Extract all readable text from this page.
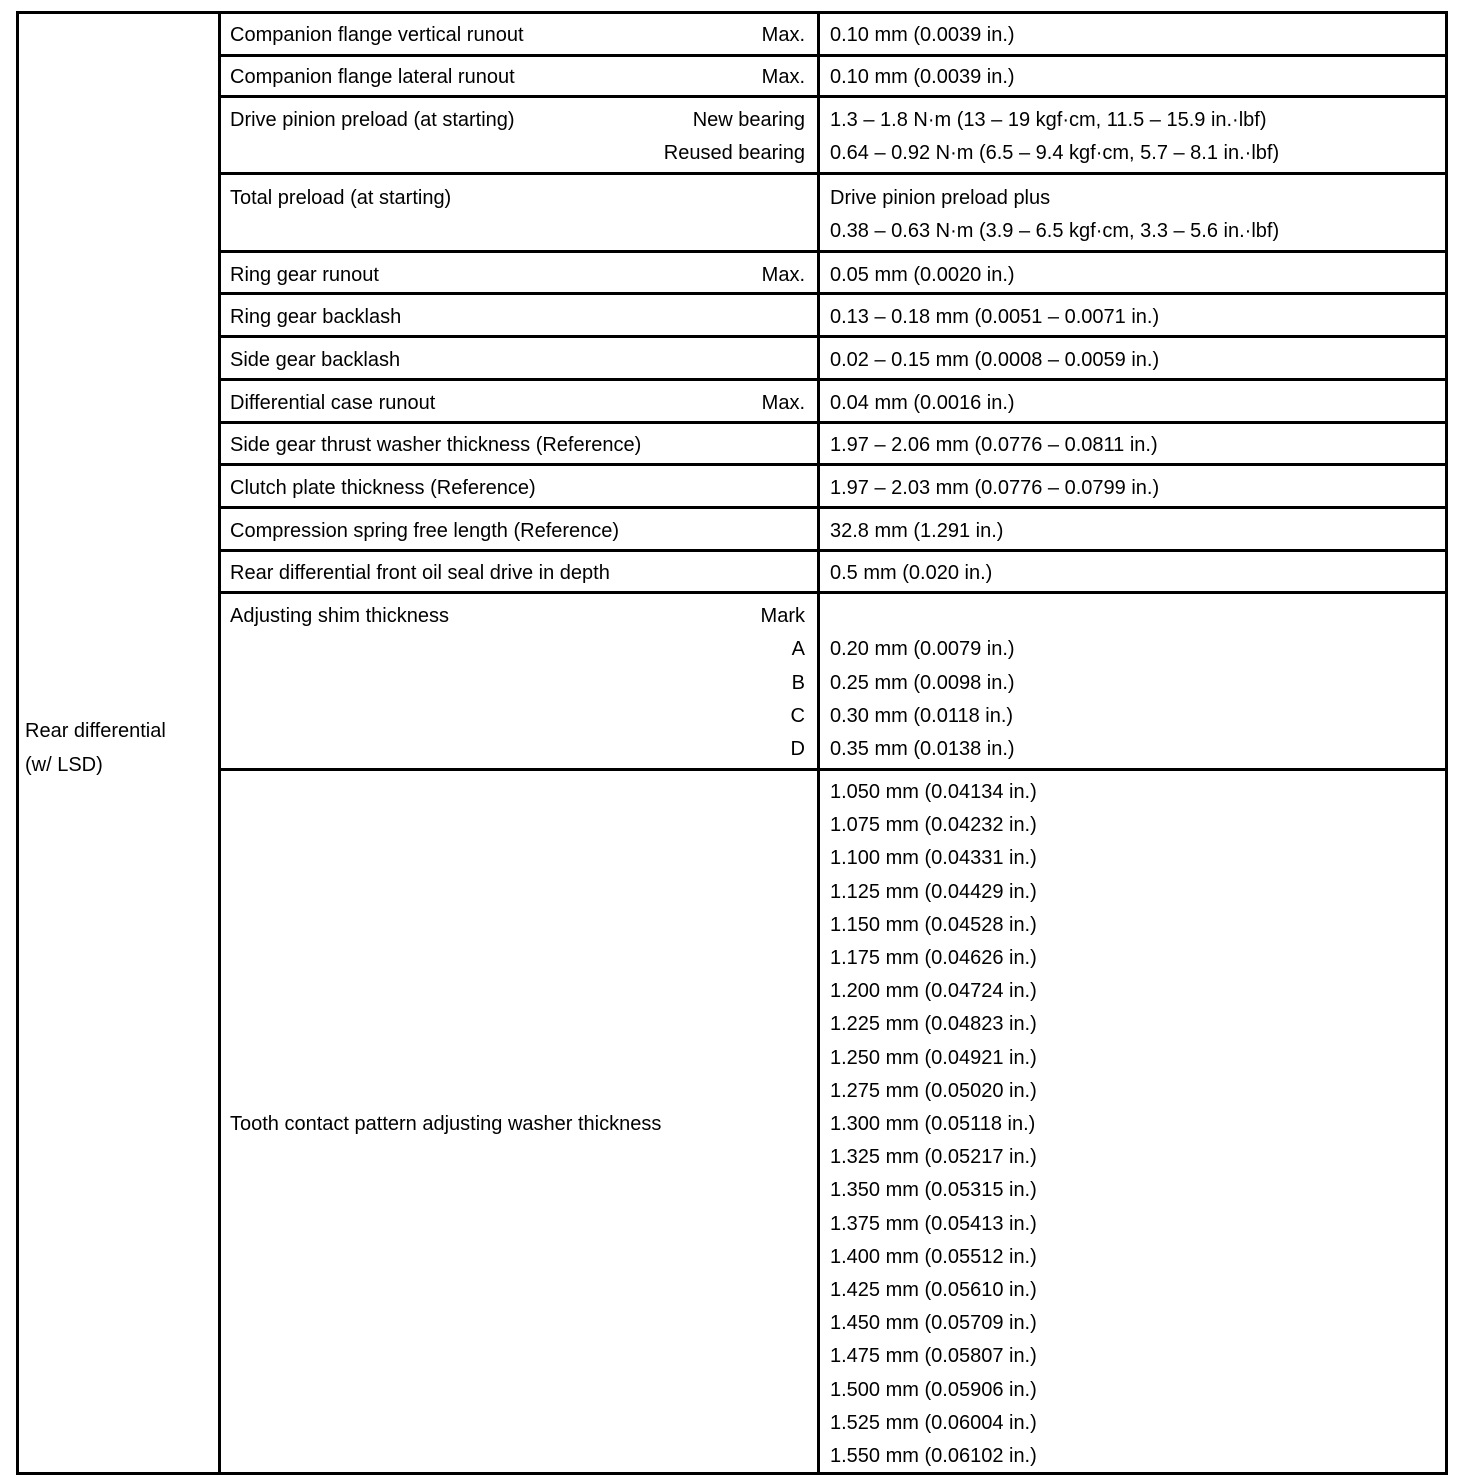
Rear differential
(w/ LSD)
Companion flange vertical runout	Max. 0.10 mm (0.0039 in.)
Companion flange lateral runout	Max. 0.10 mm (0.0039 in.)
Drive pinion preload (at starting)	New bearing 1.3 – 1.8 N·m (13 – 19 kgf·cm, 11.5 – 15.9 in.·lbf)
Reused bearing 0.64 – 0.92 N·m (6.5 – 9.4 kgf·cm, 5.7 – 8.1 in.·lbf)
Total preload (at starting)	Drive pinion preload plus
0.38 – 0.63 N·m (3.9 – 6.5 kgf·cm, 3.3 – 5.6 in.·lbf)
Ring gear runout	Max. 0.05 mm (0.0020 in.)
Ring gear backlash	0.13 – 0.18 mm (0.0051 – 0.0071 in.)
Side gear backlash	0.02 – 0.15 mm (0.0008 – 0.0059 in.)
Differential case runout	Max. 0.04 mm (0.0016 in.)
Side gear thrust washer thickness (Reference)	1.97 – 2.06 mm (0.0776 – 0.0811 in.)
Clutch plate thickness (Reference)	1.97 – 2.03 mm (0.0776 – 0.0799 in.)
Compression spring free length (Reference)	32.8 mm (1.291 in.)
Rear differential front oil seal drive in depth	0.5 mm (0.020 in.)
Adjusting shim thickness	Mark
A 0.20 mm (0.0079 in.)
B 0.25 mm (0.0098 in.)
C 0.30 mm (0.0118 in.)
D 0.35 mm (0.0138 in.)
Tooth contact pattern adjusting washer thickness
1.050 mm (0.04134 in.)
1.075 mm (0.04232 in.)
1.100 mm (0.04331 in.)
1.125 mm (0.04429 in.)
1.150 mm (0.04528 in.)
1.175 mm (0.04626 in.)
1.200 mm (0.04724 in.)
1.225 mm (0.04823 in.)
1.250 mm (0.04921 in.)
1.275 mm (0.05020 in.)
1.300 mm (0.05118 in.)
1.325 mm (0.05217 in.)
1.350 mm (0.05315 in.)
1.375 mm (0.05413 in.)
1.400 mm (0.05512 in.)
1.425 mm (0.05610 in.)
1.450 mm (0.05709 in.)
1.475 mm (0.05807 in.)
1.500 mm (0.05906 in.)
1.525 mm (0.06004 in.)
1.550 mm (0.06102 in.)
